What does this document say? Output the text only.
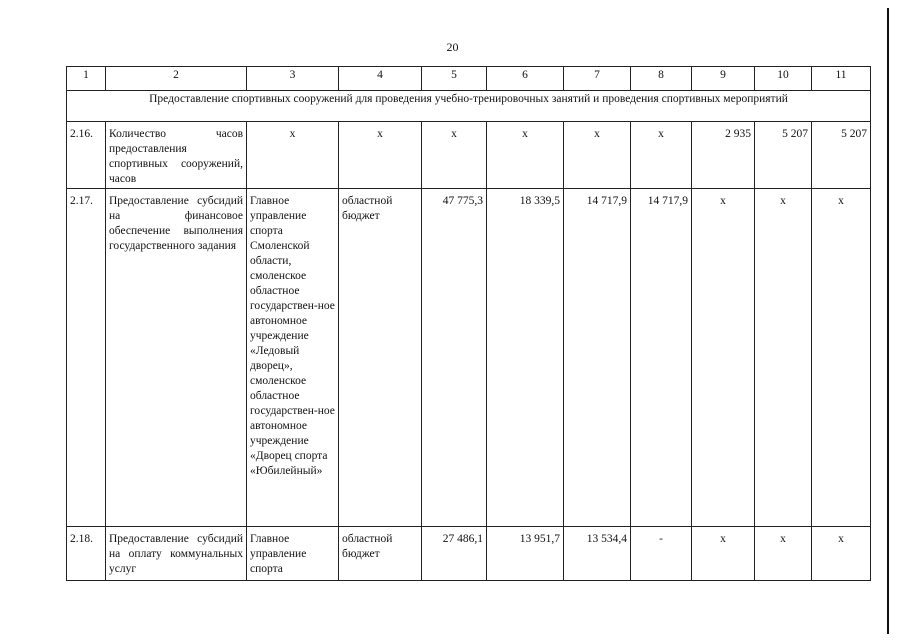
20
1	2	3	4	5	6	7	8	9	10	11
Предоставление спортивных сооружений для проведения учебно-тренировочных занятий и проведения спортивных мероприятий										
2.16.	Количество часов предоставления спортивных сооружений, часов	х	х	х	х	х	х	2 935	5 207	5 207
2.17.	Предоставление субсидий на финансовое обеспечение выполнения государственного задания	Главное управление спорта Смоленской области, смоленское областное государствен-ное автономное учреждение «Ледовый дворец», смоленское областное государствен-ное автономное учреждение «Дворец спорта «Юбилейный»	областной бюджет	47 775,3	18 339,5	14 717,9	14 717,9	х	х	х
2.18.	Предоставление субсидий на оплату коммунальных услуг	Главное управление спорта	областной бюджет	27 486,1	13 951,7	13 534,4	-	х	х	х
